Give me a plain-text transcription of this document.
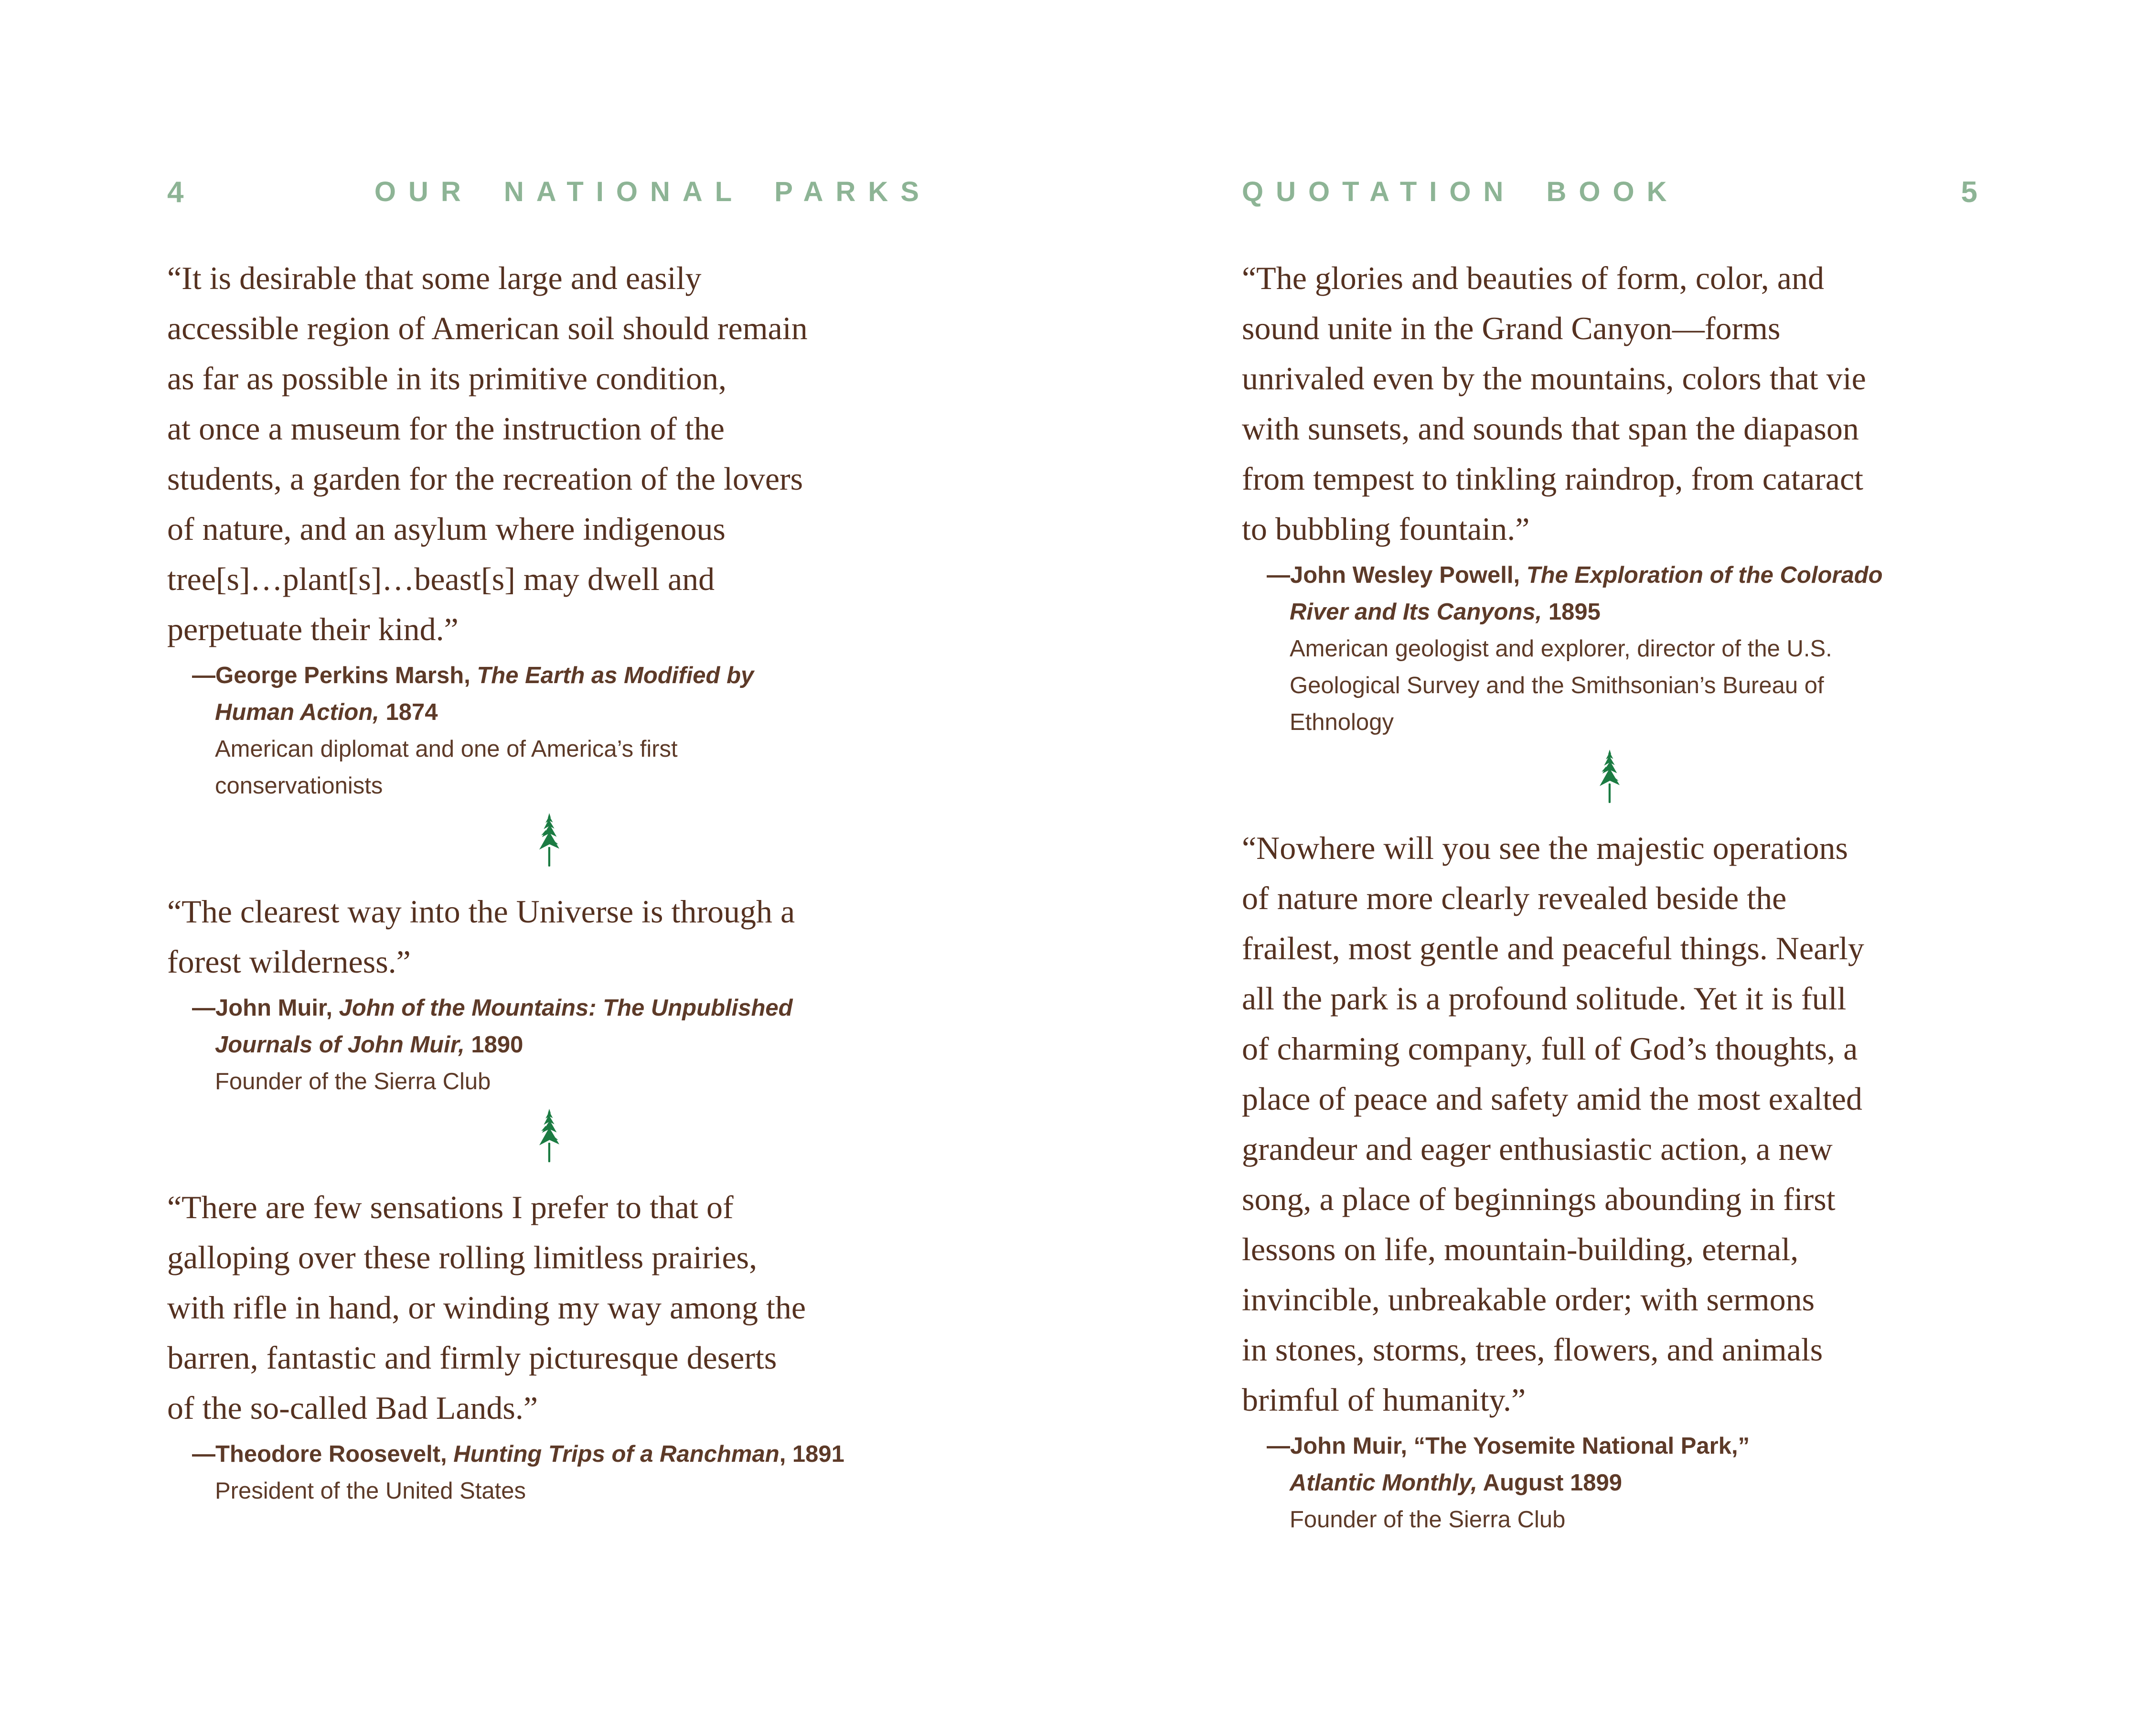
4	OUR NATIONAL PARKS
“It is desirable that some large and easily
accessible region of American soil should remain
as far as possible in its primitive condition,
at once a museum for the instruction of the
students, a garden for the recreation of the lovers
of nature, and an asylum where indigenous
tree[s]…plant[s]…beast[s] may dwell and
perpetuate their kind.”

—George Perkins Marsh, The Earth as Modified by
Human Action, 1874

American diplomat and one of America’s first
conservationists

“The clearest way into the Universe is through a
forest wilderness.”

—John Muir, John of the Mountains: The Unpublished
Journals of John Muir, 1890

Founder of the Sierra Club

“There are few sensations I prefer to that of
galloping over these rolling limitless prairies,
with rifle in hand, or winding my way among the
barren, fantastic and firmly picturesque deserts
of the so-called Bad Lands.”

—Theodore Roosevelt, Hunting Trips of a Ranchman, 1891

President of the United States

QUOTATION BOOK	5
“The glories and beauties of form, color, and
sound unite in the Grand Canyon—forms
unrivaled even by the mountains, colors that vie
with sunsets, and sounds that span the diapason
from tempest to tinkling raindrop, from cataract
to bubbling fountain.”

—John Wesley Powell, The Exploration of the Colorado
River and Its Canyons, 1895

American geologist and explorer, director of the U.S.
Geological Survey and the Smithsonian’s Bureau of
Ethnology

“Nowhere will you see the majestic operations
of nature more clearly revealed beside the
frailest, most gentle and peaceful things. Nearly
all the park is a profound solitude. Yet it is full
of charming company, full of God’s thoughts, a
place of peace and safety amid the most exalted
grandeur and eager enthusiastic action, a new
song, a place of beginnings abounding in first
lessons on life, mountain-building, eternal,
invincible, unbreakable order; with sermons
in stones, storms, trees, flowers, and animals
brimful of humanity.”

—John Muir, “The Yosemite National Park,”
Atlantic Monthly, August 1899

Founder of the Sierra Club
